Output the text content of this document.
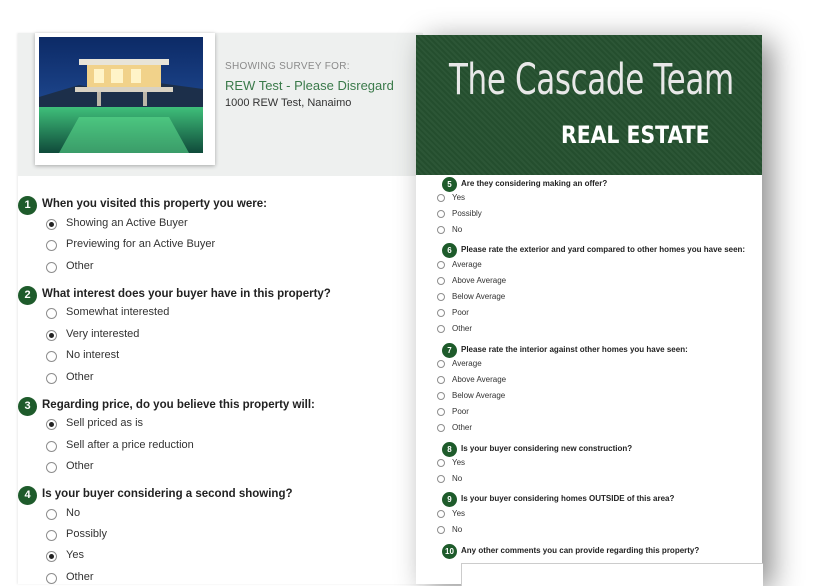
SHOWING SURVEY FOR:
REW Test - Please Disregard
1000 REW Test, Nanaimo
1 When you visited this property you were:
Showing an Active Buyer
Previewing for an Active Buyer
Other
2 What interest does your buyer have in this property?
Somewhat interested
Very interested
No interest
Other
3 Regarding price, do you believe this property will:
Sell priced as is
Sell after a price reduction
Other
4 Is your buyer considering a second showing?
No
Possibly
Yes
Other
The Cascade Team
REAL ESTATE
5	Are they considering making an offer?
Yes
Possibly
No
6	Please rate the exterior and yard compared to other homes you have seen:
Average
Above Average
Below Average
Poor
Other
7	Please rate the interior against other homes you have seen:
Average
Above Average
Below Average
Poor
Other
8	Is your buyer considering new construction?
Yes
No
9	Is your buyer considering homes OUTSIDE of this area?
Yes
No
10 Any other comments you can provide regarding this property?
